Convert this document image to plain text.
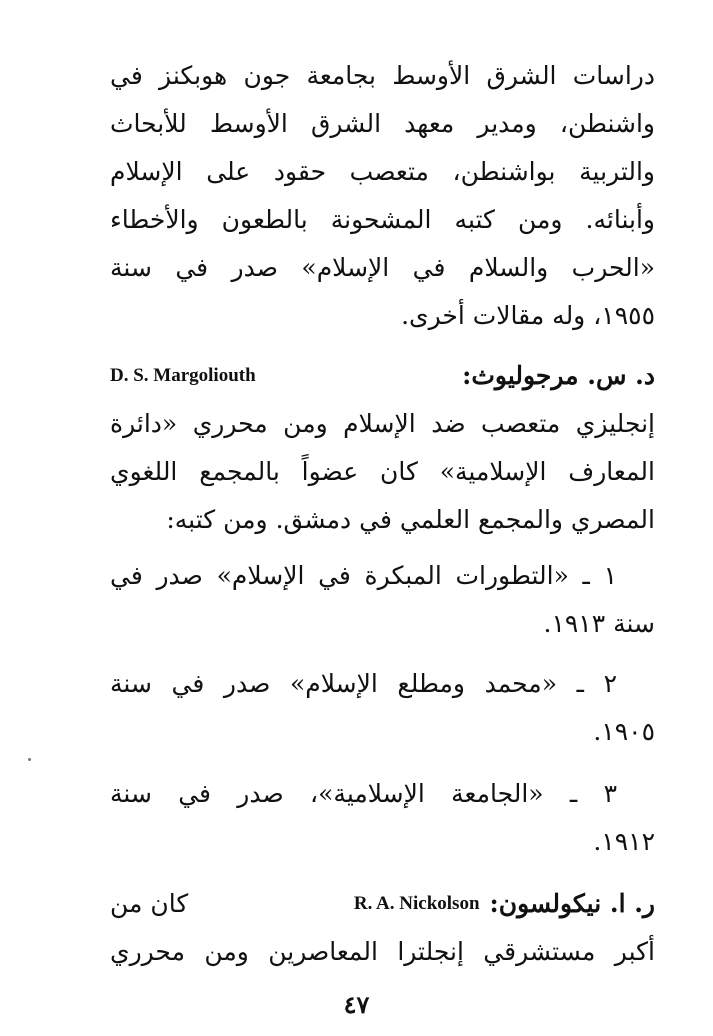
دراسات الشرق الأوسط بجامعة جون هوبكنز في
واشنطن، ومدير معهد الشرق الأوسط للأبحاث
والتربية بواشنطن، متعصب حقود على الإسلام
وأبنائه. ومن كتبه المشحونة بالطعون والأخطاء
«الحرب والسلام في الإسلام» صدر في سنة
١٩٥٥، وله مقالات أخرى.
د. س. مرجوليوث:
D. S. Margoliouth
إنجليزي متعصب ضد الإسلام ومن محرري «دائرة
المعارف الإسلامية» كان عضواً بالمجمع اللغوي
المصري والمجمع العلمي في دمشق. ومن كتبه:
١ ـ «التطورات المبكرة في الإسلام» صدر في
سنة ١٩١٣.
٢ ـ «محمد ومطلع الإسلام» صدر في سنة
١٩٠٥.
٣ ـ «الجامعة الإسلامية»، صدر في سنة
١٩١٢.
ر. ا. نيكولسون:
R. A. Nickolson
كان من
أكبر مستشرقي إنجلترا المعاصرين ومن محرري
٤٧
